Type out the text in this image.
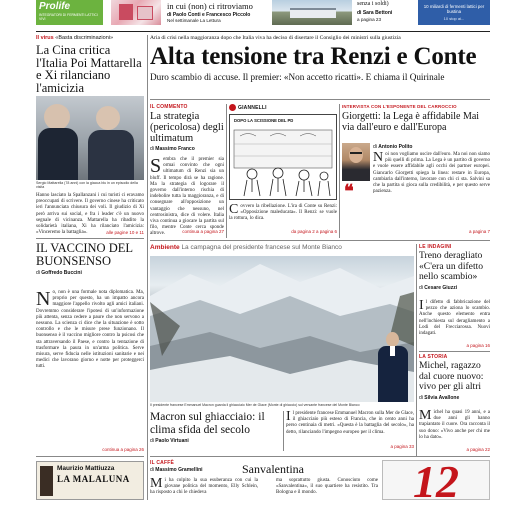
Prolife
INTEGRATORI DI FERMENTI LATTICI VIVI
in cui (non) ci ritroviamo
di Paolo Conti e Francesco Piccolo
Nel settimanale La Lettura
senza i soldi)
di Sara Bettoni
a pagina 23
10 miliardi di fermenti lattici per bustina
10 stop ai...
Il virus «Basta discriminazioni»
La Cina critica l'Italia Poi Mattarella e Xi rilanciano l'amicizia
Sergio Mattarella (78 anni) con la giacca blu in un episodio della visita
Hanno lasciato la Spallanzani i cui turisti ci eravamo preoccupati di scrivere. Il governo cinese ha criticato ieri l'annunciata chiusura dei voli. Il giudizio di Xi però arriva sui social, e fra i leader c'è un nuovo segnale di vicinanza. Mattarella ha ribadito la solidarietà italiana, Xi ha rilanciato l'amicizia: «Vinceremo la battaglia».	alle pagine 10 e 11
IL VACCINO DEL BUONSENSO
di Goffredo Buccini
No, non è una formale nota diplomatica. Ma, proprio per questo, ha un impatto ancora maggiore l'appello rivolto agli amici italiani. Dovremmo considerare l'ipotesi di un'informazione più attenta, senza cedere a paure che non servono a nessuno. La scienza ci dice che la situazione è sotto controllo e che le misure prese funzionano. Il buonsenso è il vaccino migliore contro la psicosi che sta attraversando il Paese, e contro la tentazione di trasformare la paura in un'arma politica. Serve misura, serve fiducia nelle istituzioni sanitarie e nei medici che lavorano giorno e notte per proteggerci tutti.
continua a pagina 26
Maurizio Mattiuzza
LA MALALUNA
Aria di crisi nella maggioranza dopo che Italia viva ha deciso di disertare il Consiglio dei ministri sulla giustizia
Alta tensione tra Renzi e Conte
Duro scambio di accuse. Il premier: «Non accetto ricatti». E chiama il Quirinale
IL COMMENTO
La strategia (pericolosa) degli ultimatum
di Massimo Franco
Sembra che il premier sia ormai convinto che ogni ultimatum di Renzi sia un bluff. Il tempo dirà se ha ragione. Ma la strategia di logorare il governo dall'interno rischia di indebolire tutta la maggioranza, e di consegnare all'opposizione un vantaggio che nessuno, nel centrosinistra, dice di volere. Italia viva continua a giocare la partita sul filo, mentre Conte cerca sponde altrove.	continua a pagina 27
GIANNELLI
DOPO LA SCISSIONE DEL PD
Covvero la ribellazione. L'ira di Conte su Renzi: «Opposizione maleducata». Il Renzi: se vuole la rottura, lo dica.
da pagina 2 a pagina 6
INTERVISTA CON L'ESPONENTE DEL CARROCCIO
Giorgetti: la Lega è affidabile Mai via dall'euro e dall'Europa
di Antonio Polito
❝
Noi non vogliamo uscire dall'euro. Ma noi non siamo più quelli di prima. La Lega è un partito di governo e vuole essere affidabile agli occhi dei partner europei. Giancarlo Giorgetti spiega la linea: restare in Europa, cambiarla dall'interno, lavorare con chi ci sta. Salvini sa che la partita si gioca sulla credibilità, e per questo serve pazienza.
a pagina 7
Ambiente La campagna del presidente francese sul Monte Bianco
Il presidente francese Emmanuel Macron guarda il ghiacciaio Mer de Glace (Monte di ghiaccio) sul versante francese del Monte Bianco
Macron sul ghiacciaio: il clima sfida del secolo
di Paolo Virtuani
Il presidente francese Emmanuel Macron sulla Mer de Glace, il ghiacciaio più esteso di Francia, che in cento anni ha perso centinaia di metri. «Questa è la battaglia del secolo», ha detto, rilanciando l'impegno europeo per il clima.
a pagina 33
LE INDAGINI
Treno deragliato «C'era un difetto nello scambio»
di Cesare Giuzzi
Il difetto di fabbricazione del pezzo che aziona lo scambio. Anche questo elemento entra nell'inchiesta sul deragliamento a Lodi del Frecciarossa. Nuovi indagati.
a pagina 16
LA STORIA
Michel, ragazzo dal cuore nuovo: vivo per gli altri
di Silvia Avallone
Michel ha quasi 19 anni, e a due anni gli hanno trapiantato il cuore. Ora racconta il suo dono: «Vivo anche per chi me lo ha dato».
a pagina 22
IL CAFFÈ
di Massimo Gramellini	Sanvalentina
Mi ha colpito la sua esuberanza con cui la giovane politica del momento, Elly Schlein, ha risposto a chi le chiedeva
ma soprattutto giusta. Conosciuto come «Sanvalentina», il suo quartiere ha resistito. Tra Bologna e il mondo.	12
